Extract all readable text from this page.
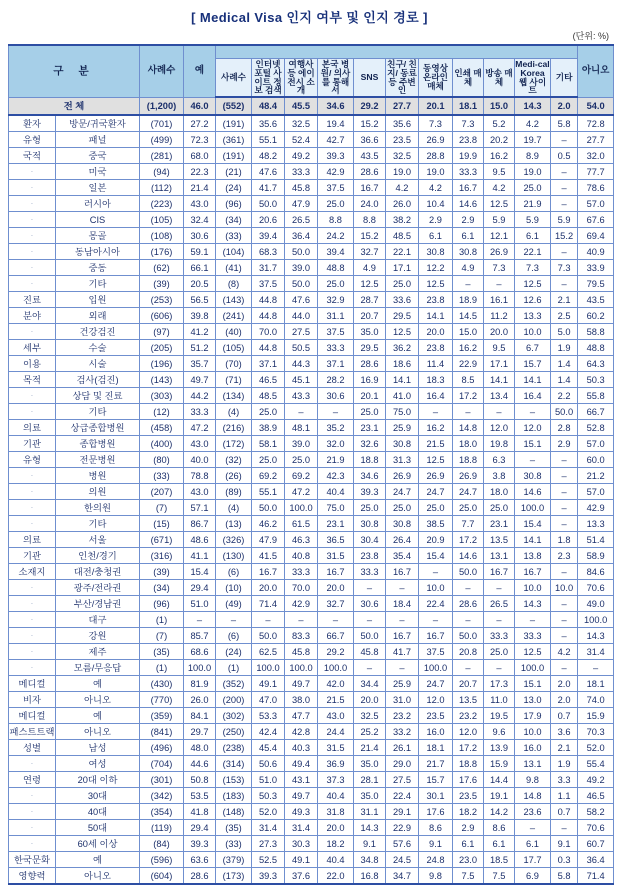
[ Medical Visa 인지 여부 및 인지 경로 ]
(단위: %)
구 분		사례수	예												아니오
				사례수	인터넷 포털 사이트 정보 검색	여행사 등 에이 전시 소개	본국 병원/ 의사를 통해서	SNS	친구/ 친지/ 동료 등 주변인	동영상 온라인 매체	인쇄 매체	방송 매체	Medi-cal Korea 웹 사이트	기타	
전 체		(1,200)	46.0	(552)	48.4	45.5	34.6	29.2	27.7	20.1	18.1	15.0	14.3	2.0	54.0
환자	방문/귀국환자	(701)	27.2	(191)	35.6	32.5	19.4	15.2	35.6	7.3	7.3	5.2	4.2	5.8	72.8
유형	패널	(499)	72.3	(361)	55.1	52.4	42.7	36.6	23.5	26.9	23.8	20.2	19.7	–	27.7
국적	중국	(281)	68.0	(191)	48.2	49.2	39.3	43.5	32.5	28.8	19.9	16.2	8.9	0.5	32.0
·	미국	(94)	22.3	(21)	47.6	33.3	42.9	28.6	19.0	19.0	33.3	9.5	19.0	–	77.7
·	일본	(112)	21.4	(24)	41.7	45.8	37.5	16.7	4.2	4.2	16.7	4.2	25.0	–	78.6
·	러시아	(223)	43.0	(96)	50.0	47.9	25.0	24.0	26.0	10.4	14.6	12.5	21.9	–	57.0
·	CIS	(105)	32.4	(34)	20.6	26.5	8.8	8.8	38.2	2.9	2.9	5.9	5.9	5.9	67.6
·	몽골	(108)	30.6	(33)	39.4	36.4	24.2	15.2	48.5	6.1	6.1	12.1	6.1	15.2	69.4
·	동남아시아	(176)	59.1	(104)	68.3	50.0	39.4	32.7	22.1	30.8	30.8	26.9	22.1	–	40.9
·	중동	(62)	66.1	(41)	31.7	39.0	48.8	4.9	17.1	12.2	4.9	7.3	7.3	7.3	33.9
·	기타	(39)	20.5	(8)	37.5	50.0	25.0	12.5	25.0	12.5	–	–	12.5	–	79.5
진료	입원	(253)	56.5	(143)	44.8	47.6	32.9	28.7	33.6	23.8	18.9	16.1	12.6	2.1	43.5
분야	외래	(606)	39.8	(241)	44.8	44.0	31.1	20.7	29.5	14.1	14.5	11.2	13.3	2.5	60.2
·	건강검진	(97)	41.2	(40)	70.0	27.5	37.5	35.0	12.5	20.0	15.0	20.0	10.0	5.0	58.8
세부	수술	(205)	51.2	(105)	44.8	50.5	33.3	29.5	36.2	23.8	16.2	9.5	6.7	1.9	48.8
이용	시술	(196)	35.7	(70)	37.1	44.3	37.1	28.6	18.6	11.4	22.9	17.1	15.7	1.4	64.3
목적	검사(검진)	(143)	49.7	(71)	46.5	45.1	28.2	16.9	14.1	18.3	8.5	14.1	14.1	1.4	50.3
·	상담 및 진료	(303)	44.2	(134)	48.5	43.3	30.6	20.1	41.0	16.4	17.2	13.4	16.4	2.2	55.8
·	기타	(12)	33.3	(4)	25.0	–	–	25.0	75.0	–	–	–	–	50.0	66.7
의료	상급종합병원	(458)	47.2	(216)	38.9	48.1	35.2	23.1	25.9	16.2	14.8	12.0	12.0	2.8	52.8
기관	종합병원	(400)	43.0	(172)	58.1	39.0	32.0	32.6	30.8	21.5	18.0	19.8	15.1	2.9	57.0
유형	전문병원	(80)	40.0	(32)	25.0	25.0	21.9	18.8	31.3	12.5	18.8	6.3	–	–	60.0
·	병원	(33)	78.8	(26)	69.2	69.2	42.3	34.6	26.9	26.9	26.9	3.8	30.8	–	21.2
·	의원	(207)	43.0	(89)	55.1	47.2	40.4	39.3	24.7	24.7	24.7	18.0	14.6	–	57.0
·	한의원	(7)	57.1	(4)	50.0	100.0	75.0	25.0	25.0	25.0	25.0	25.0	100.0	–	42.9
·	기타	(15)	86.7	(13)	46.2	61.5	23.1	30.8	30.8	38.5	7.7	23.1	15.4	–	13.3
의료	서울	(671)	48.6	(326)	47.9	46.3	36.5	30.4	26.4	20.9	17.2	13.5	14.1	1.8	51.4
기관	인천/경기	(316)	41.1	(130)	41.5	40.8	31.5	23.8	35.4	15.4	14.6	13.1	13.8	2.3	58.9
소재지	대전/충청권	(39)	15.4	(6)	16.7	33.3	16.7	33.3	16.7	–	50.0	16.7	16.7	–	84.6
·	광주/전라권	(34)	29.4	(10)	20.0	70.0	20.0	–	–	10.0	–	–	10.0	10.0	70.6
·	부산/경남권	(96)	51.0	(49)	71.4	42.9	32.7	30.6	18.4	22.4	28.6	26.5	14.3	–	49.0
·	대구	(1)	–	–	–	–	–	–	–	–	–	–	–	–	100.0
·	강원	(7)	85.7	(6)	50.0	83.3	66.7	50.0	16.7	16.7	50.0	33.3	33.3	–	14.3
·	제주	(35)	68.6	(24)	62.5	45.8	29.2	45.8	41.7	37.5	20.8	25.0	12.5	4.2	31.4
·	모름/무응답	(1)	100.0	(1)	100.0	100.0	100.0	–	–	100.0	–	–	100.0	–	–
메디컬	예	(430)	81.9	(352)	49.1	49.7	42.0	34.4	25.9	24.7	20.7	17.3	15.1	2.0	18.1
비자	아니오	(770)	26.0	(200)	47.0	38.0	21.5	20.0	31.0	12.0	13.5	11.0	13.0	2.0	74.0
메디컬	예	(359)	84.1	(302)	53.3	47.7	43.0	32.5	23.2	23.5	23.2	19.5	17.9	0.7	15.9
패스트트랙	아니오	(841)	29.7	(250)	42.4	42.8	24.4	25.2	33.2	16.0	12.0	9.6	10.0	3.6	70.3
성별	남성	(496)	48.0	(238)	45.4	40.3	31.5	21.4	26.1	18.1	17.2	13.9	16.0	2.1	52.0
·	여성	(704)	44.6	(314)	50.6	49.4	36.9	35.0	29.0	21.7	18.8	15.9	13.1	1.9	55.4
연령	20대 이하	(301)	50.8	(153)	51.0	43.1	37.3	28.1	27.5	15.7	17.6	14.4	9.8	3.3	49.2
·	30대	(342)	53.5	(183)	50.3	49.7	40.4	35.0	22.4	30.1	23.5	19.1	14.8	1.1	46.5
·	40대	(354)	41.8	(148)	52.0	49.3	31.8	31.1	29.1	17.6	18.2	14.2	23.6	0.7	58.2
·	50대	(119)	29.4	(35)	31.4	31.4	20.0	14.3	22.9	8.6	2.9	8.6	–	–	70.6
·	60세 이상	(84)	39.3	(33)	27.3	30.3	18.2	9.1	57.6	9.1	6.1	6.1	6.1	9.1	60.7
한국문화	예	(596)	63.6	(379)	52.5	49.1	40.4	34.8	24.5	24.8	23.0	18.5	17.7	0.3	36.4
영향력	아니오	(604)	28.6	(173)	39.3	37.6	22.0	16.8	34.7	9.8	7.5	7.5	6.9	5.8	71.4
